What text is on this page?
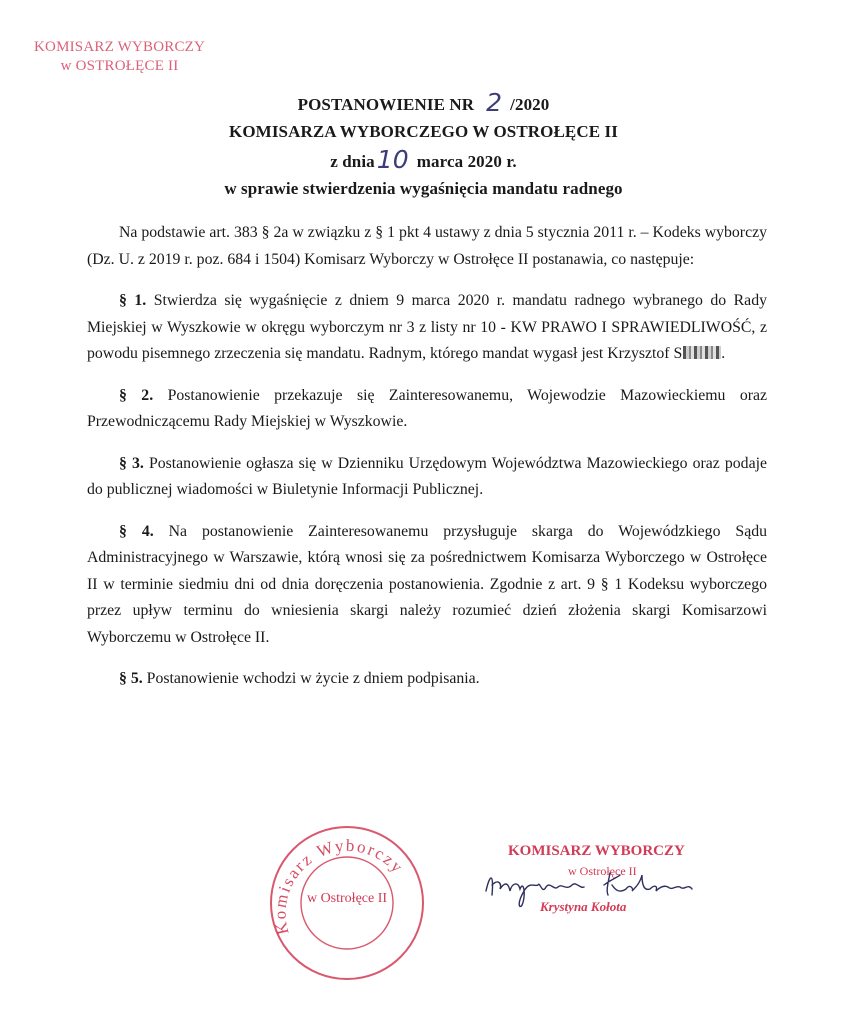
KOMISARZ WYBORCZY
w OSTROŁĘCE II
POSTANOWIENIE NR 2 /2020
KOMISARZA WYBORCZEGO W OSTROŁĘCE II
z dnia10 marca 2020 r.
w sprawie stwierdzenia wygaśnięcia mandatu radnego

Na podstawie art. 383 § 2a w związku z § 1 pkt 4 ustawy z dnia 5 stycznia 2011 r. – Kodeks wyborczy (Dz. U. z 2019 r. poz. 684 i 1504) Komisarz Wyborczy w Ostrołęce II postanawia, co następuje:

§ 1. Stwierdza się wygaśnięcie z dniem 9 marca 2020 r. mandatu radnego wybranego do Rady Miejskiej w Wyszkowie w okręgu wyborczym nr 3 z listy nr 10 - KW PRAWO I SPRAWIEDLIWOŚĆ, z powodu pisemnego zrzeczenia się mandatu. Radnym, którego mandat wygasł jest Krzysztof S .

§ 2. Postanowienie przekazuje się Zainteresowanemu, Wojewodzie Mazowieckiemu oraz Przewodniczącemu Rady Miejskiej w Wyszkowie.

§ 3. Postanowienie ogłasza się w Dzienniku Urzędowym Województwa Mazowieckiego oraz podaje do publicznej wiadomości w Biuletynie Informacji Publicznej.

§ 4. Na postanowienie Zainteresowanemu przysługuje skarga do Wojewódzkiego Sądu Administracyjnego w Warszawie, którą wnosi się za pośrednictwem Komisarza Wyborczego w Ostrołęce II w terminie siedmiu dni od dnia doręczenia postanowienia. Zgodnie z art. 9 § 1 Kodeksu wyborczego przez upływ terminu do wniesienia skargi należy rozumieć dzień złożenia skargi Komisarzowi Wyborczemu w Ostrołęce II.

§ 5. Postanowienie wchodzi w życie z dniem podpisania.

Komisarz Wyborczy
w Ostrołęce II
KOMISARZ WYBORCZY
w Ostrołęce II
Krystyna Kołota
